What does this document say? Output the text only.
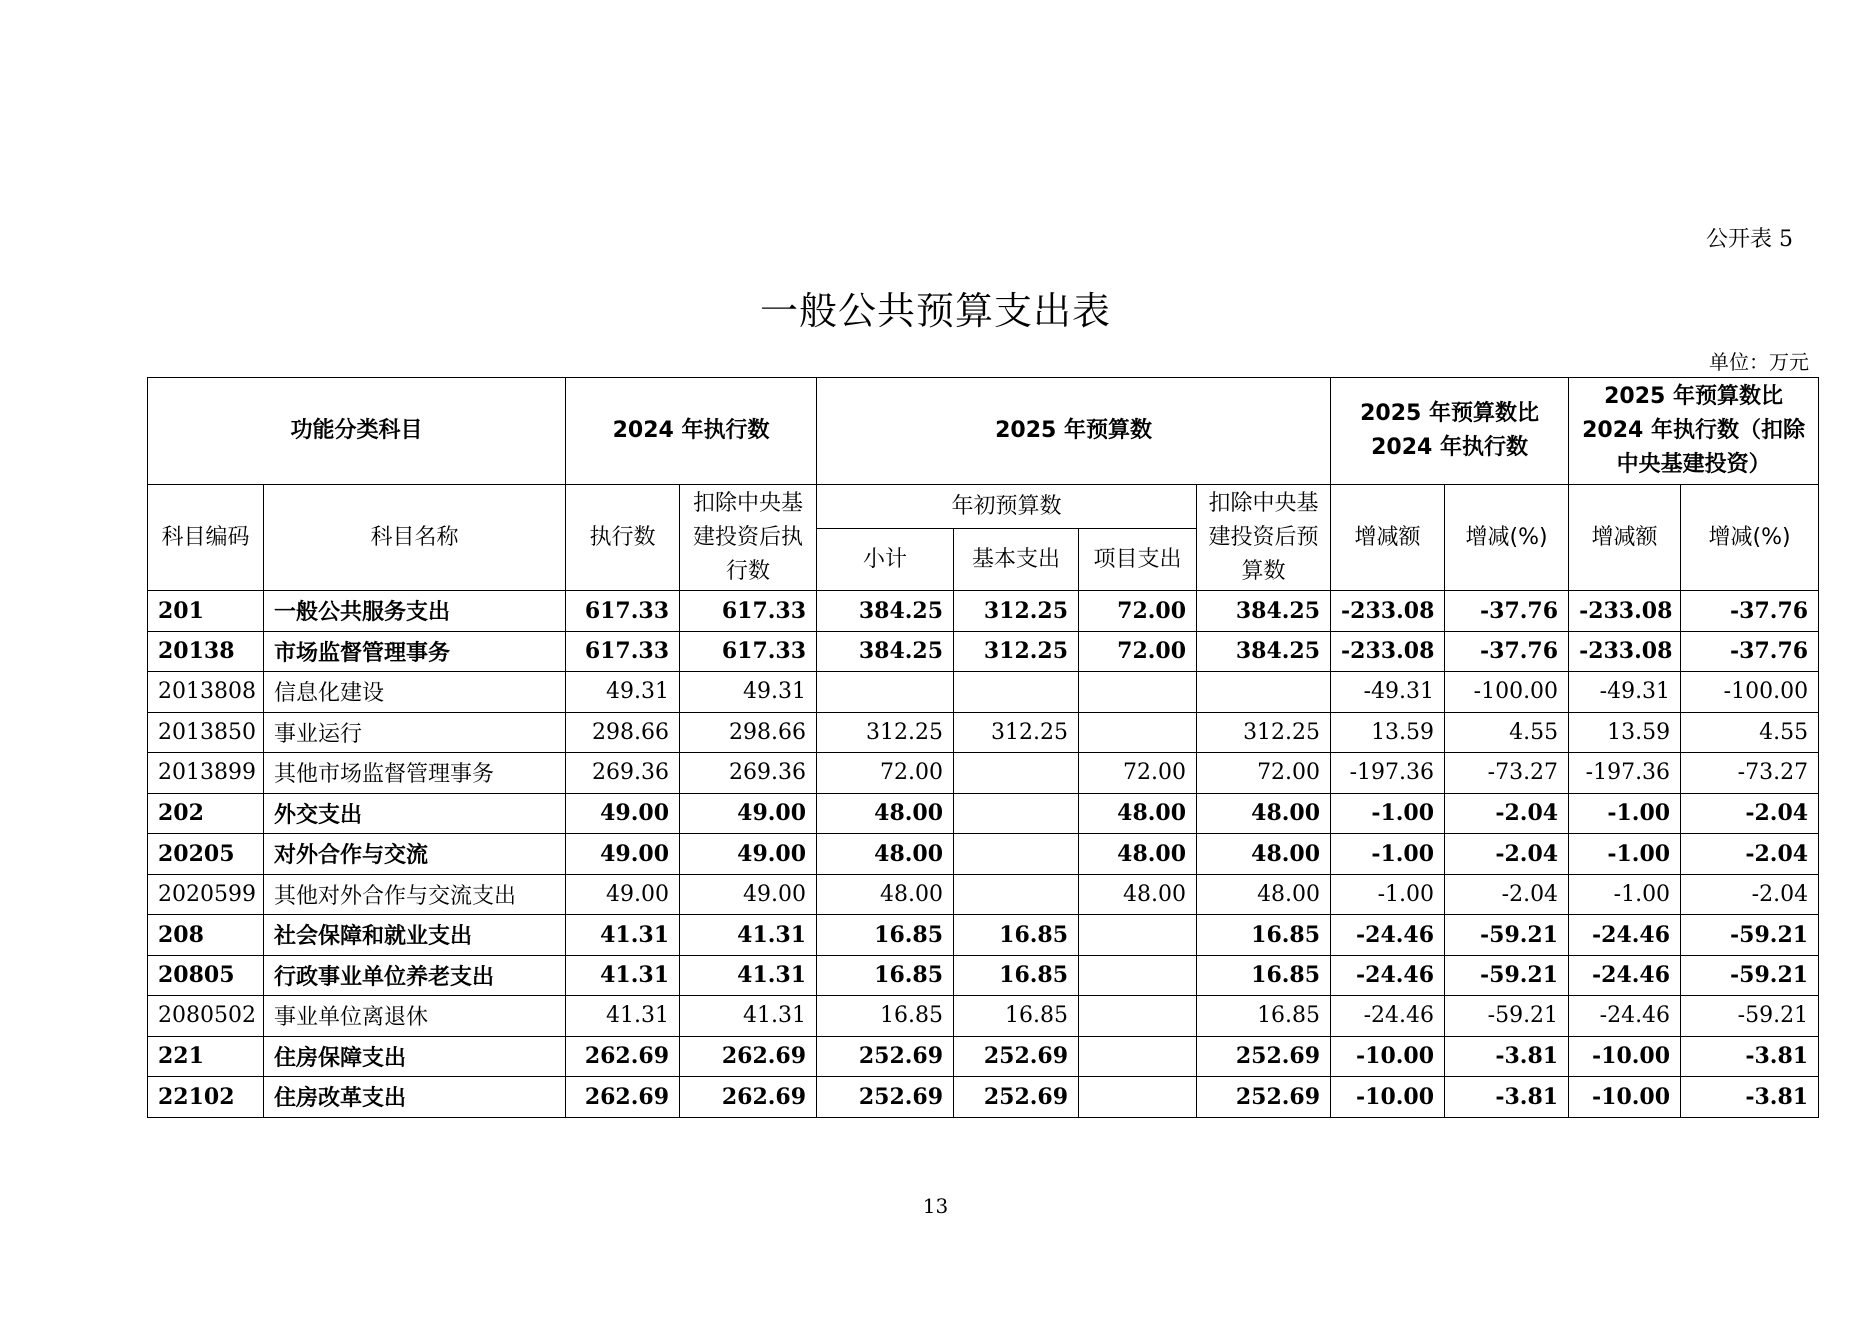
公开表 5
一般公共预算支出表
单位：万元
功能分类科目		2024 年执行数		2025 年预算数				2025 年预算数比 2024 年执行数		2025 年预算数比 2024 年执行数（扣除中央基建投资）	
科目编码	科目名称	执行数	扣除中央基建投资后执行数	年初预算数			扣除中央基建投资后预算数	增减额	增减(%)	增减额	增减(%)
				小计	基本支出	项目支出					
201	一般公共服务支出	617.33	617.33	384.25	312.25	72.00	384.25	-233.08	-37.76	-233.08	-37.76
20138	市场监督管理事务	617.33	617.33	384.25	312.25	72.00	384.25	-233.08	-37.76	-233.08	-37.76
2013808	信息化建设	49.31	49.31					-49.31	-100.00	-49.31	-100.00
2013850	事业运行	298.66	298.66	312.25	312.25		312.25	13.59	4.55	13.59	4.55
2013899	其他市场监督管理事务	269.36	269.36	72.00		72.00	72.00	-197.36	-73.27	-197.36	-73.27
202	外交支出	49.00	49.00	48.00		48.00	48.00	-1.00	-2.04	-1.00	-2.04
20205	对外合作与交流	49.00	49.00	48.00		48.00	48.00	-1.00	-2.04	-1.00	-2.04
2020599	其他对外合作与交流支出	49.00	49.00	48.00		48.00	48.00	-1.00	-2.04	-1.00	-2.04
208	社会保障和就业支出	41.31	41.31	16.85	16.85		16.85	-24.46	-59.21	-24.46	-59.21
20805	行政事业单位养老支出	41.31	41.31	16.85	16.85		16.85	-24.46	-59.21	-24.46	-59.21
2080502	事业单位离退休	41.31	41.31	16.85	16.85		16.85	-24.46	-59.21	-24.46	-59.21
221	住房保障支出	262.69	262.69	252.69	252.69		252.69	-10.00	-3.81	-10.00	-3.81
22102	住房改革支出	262.69	262.69	252.69	252.69		252.69	-10.00	-3.81	-10.00	-3.81
13
